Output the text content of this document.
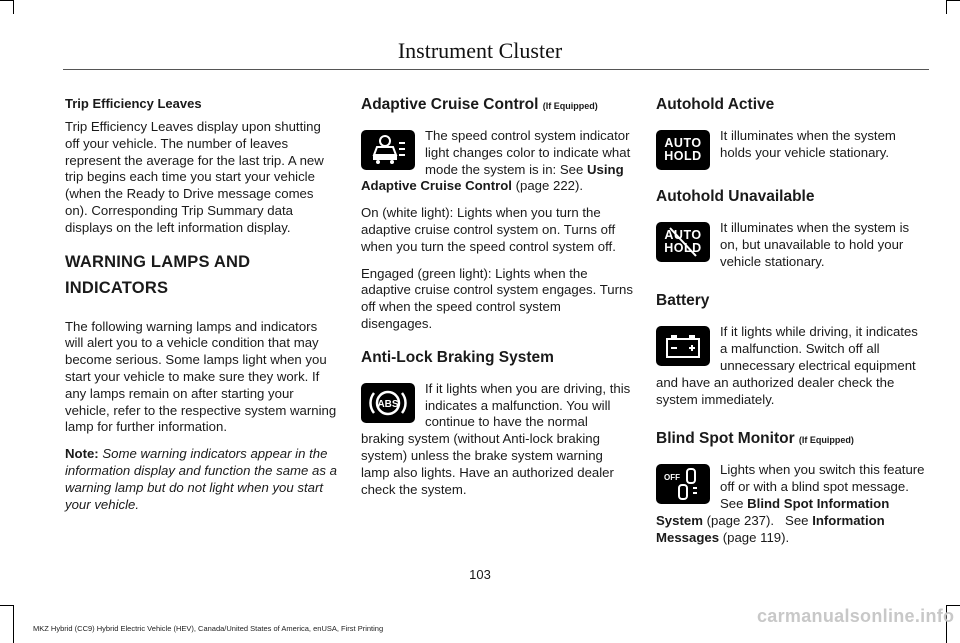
Instrument Cluster
Trip Efficiency Leaves

Trip Efficiency Leaves display upon shutting off your vehicle. The number of leaves represent the average for the last trip. A new trip begins each time you start your vehicle (when the Ready to Drive message comes on). Corresponding Trip Summary data displays on the left information display.

WARNING LAMPS AND
INDICATORS

The following warning lamps and indicators will alert you to a vehicle condition that may become serious. Some lamps light when you start your vehicle to make sure they work. If any lamps remain on after starting your vehicle, refer to the respective system warning lamp for further information.

Note: Some warning indicators appear in the information display and function the same as a warning lamp but do not light when you start your vehicle.

Adaptive Cruise Control (If Equipped)

The speed control system indicator light changes color to indicate what mode the system is in: See Using Adaptive Cruise Control (page 222).

On (white light): Lights when you turn the adaptive cruise control system on. Turns off when you turn the speed control system off.

Engaged (green light): Lights when the adaptive cruise control system engages. Turns off when the speed control system disengages.

Anti-Lock Braking System
ABS

If it lights when you are driving, this indicates a malfunction. You will continue to have the normal braking system (without Anti-lock braking system) unless the brake system warning lamp also lights. Have an authorized dealer check the system.

Autohold Active
AUTO
HOLD

It illuminates when the system holds your vehicle stationary.

Autohold Unavailable
AUTO
HOLD

It illuminates when the system is on, but unavailable to hold your vehicle stationary.

Battery

If it lights while driving, it indicates a malfunction. Switch off all unnecessary electrical equipment and have an authorized dealer check the system immediately.

Blind Spot Monitor (If Equipped)
OFF

Lights when you switch this feature off or with a blind spot message. See Blind Spot Information System (page 237). See Information Messages (page 119).

103
carmanualsonline.info
MKZ Hybrid (CC9) Hybrid Electric Vehicle (HEV), Canada/United States of America, enUSA, First Printing
